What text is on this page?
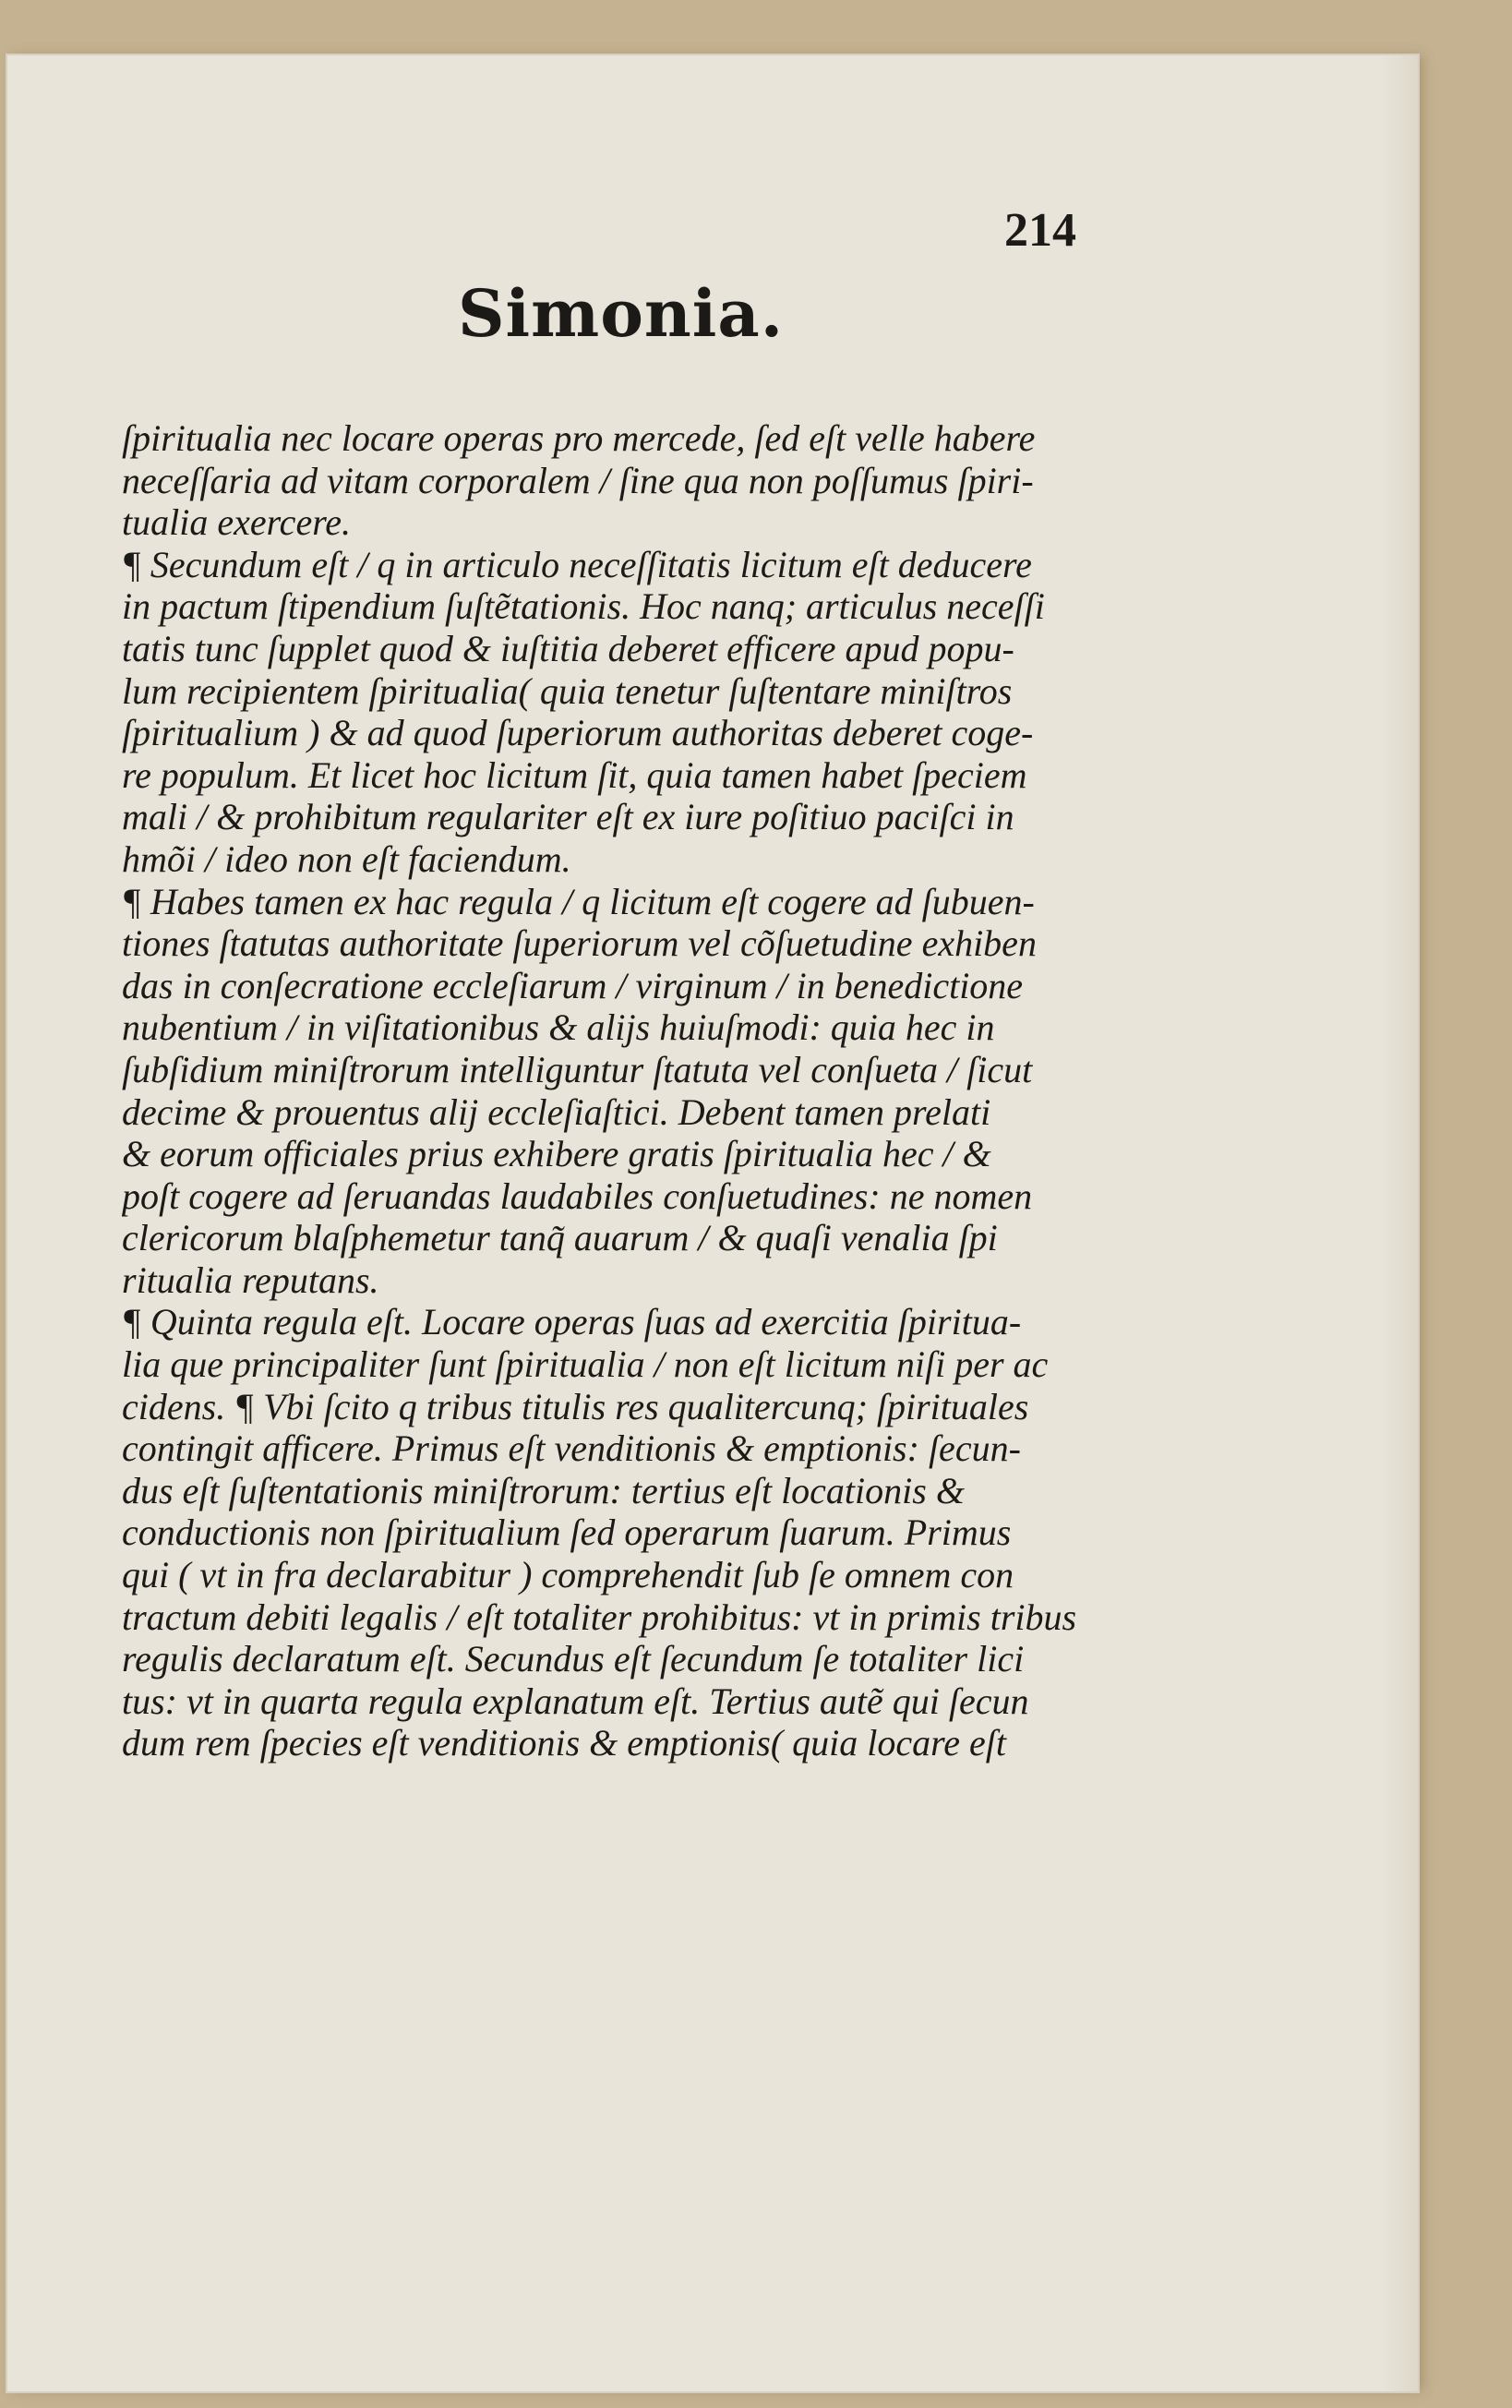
214
Simonia.
ſpiritualia nec locare operas pro mercede, ſed eſt velle habere
neceſſaria ad vitam corporalem / ſine qua non poſſumus ſpiri-
tualia exercere.
¶ Secundum eſt / q in articulo neceſſitatis licitum eſt deducere
in pactum ſtipendium ſuſtẽtationis. Hoc nanq; articulus neceſſi
tatis tunc ſupplet quod & iuſtitia deberet efficere apud popu-
lum recipientem ſpiritualia( quia tenetur ſuſtentare miniſtros
ſpiritualium ) & ad quod ſuperiorum authoritas deberet coge-
re populum. Et licet hoc licitum ſit, quia tamen habet ſpeciem
mali / & prohibitum regulariter eſt ex iure poſitiuo paciſci in
hmõi / ideo non eſt faciendum.
¶ Habes tamen ex hac regula / q licitum eſt cogere ad ſubuen-
tiones ſtatutas authoritate ſuperiorum vel cõſuetudine exhiben
das in conſecratione eccleſiarum / virginum / in benedictione
nubentium / in viſitationibus & alijs huiuſmodi: quia hec in
ſubſidium miniſtrorum intelliguntur ſtatuta vel conſueta / ſicut
decime & prouentus alij eccleſiaſtici. Debent tamen prelati
& eorum officiales prius exhibere gratis ſpiritualia hec / &
poſt cogere ad ſeruandas laudabiles conſuetudines: ne nomen
clericorum blaſphemetur tanq̃ auarum / & quaſi venalia ſpi
ritualia reputans.
¶ Quinta regula eſt. Locare operas ſuas ad exercitia ſpiritua-
lia que principaliter ſunt ſpiritualia / non eſt licitum niſi per ac
cidens. ¶ Vbi ſcito q tribus titulis res qualitercunq; ſpirituales
contingit afficere. Primus eſt venditionis & emptionis: ſecun-
dus eſt ſuſtentationis miniſtrorum: tertius eſt locationis &
conductionis non ſpiritualium ſed operarum ſuarum. Primus
qui ( vt in fra declarabitur ) comprehendit ſub ſe omnem con
tractum debiti legalis / eſt totaliter prohibitus: vt in primis tribus
regulis declaratum eſt. Secundus eſt ſecundum ſe totaliter lici
tus: vt in quarta regula explanatum eſt. Tertius autẽ qui ſecun
dum rem ſpecies eſt venditionis & emptionis( quia locare eſt
